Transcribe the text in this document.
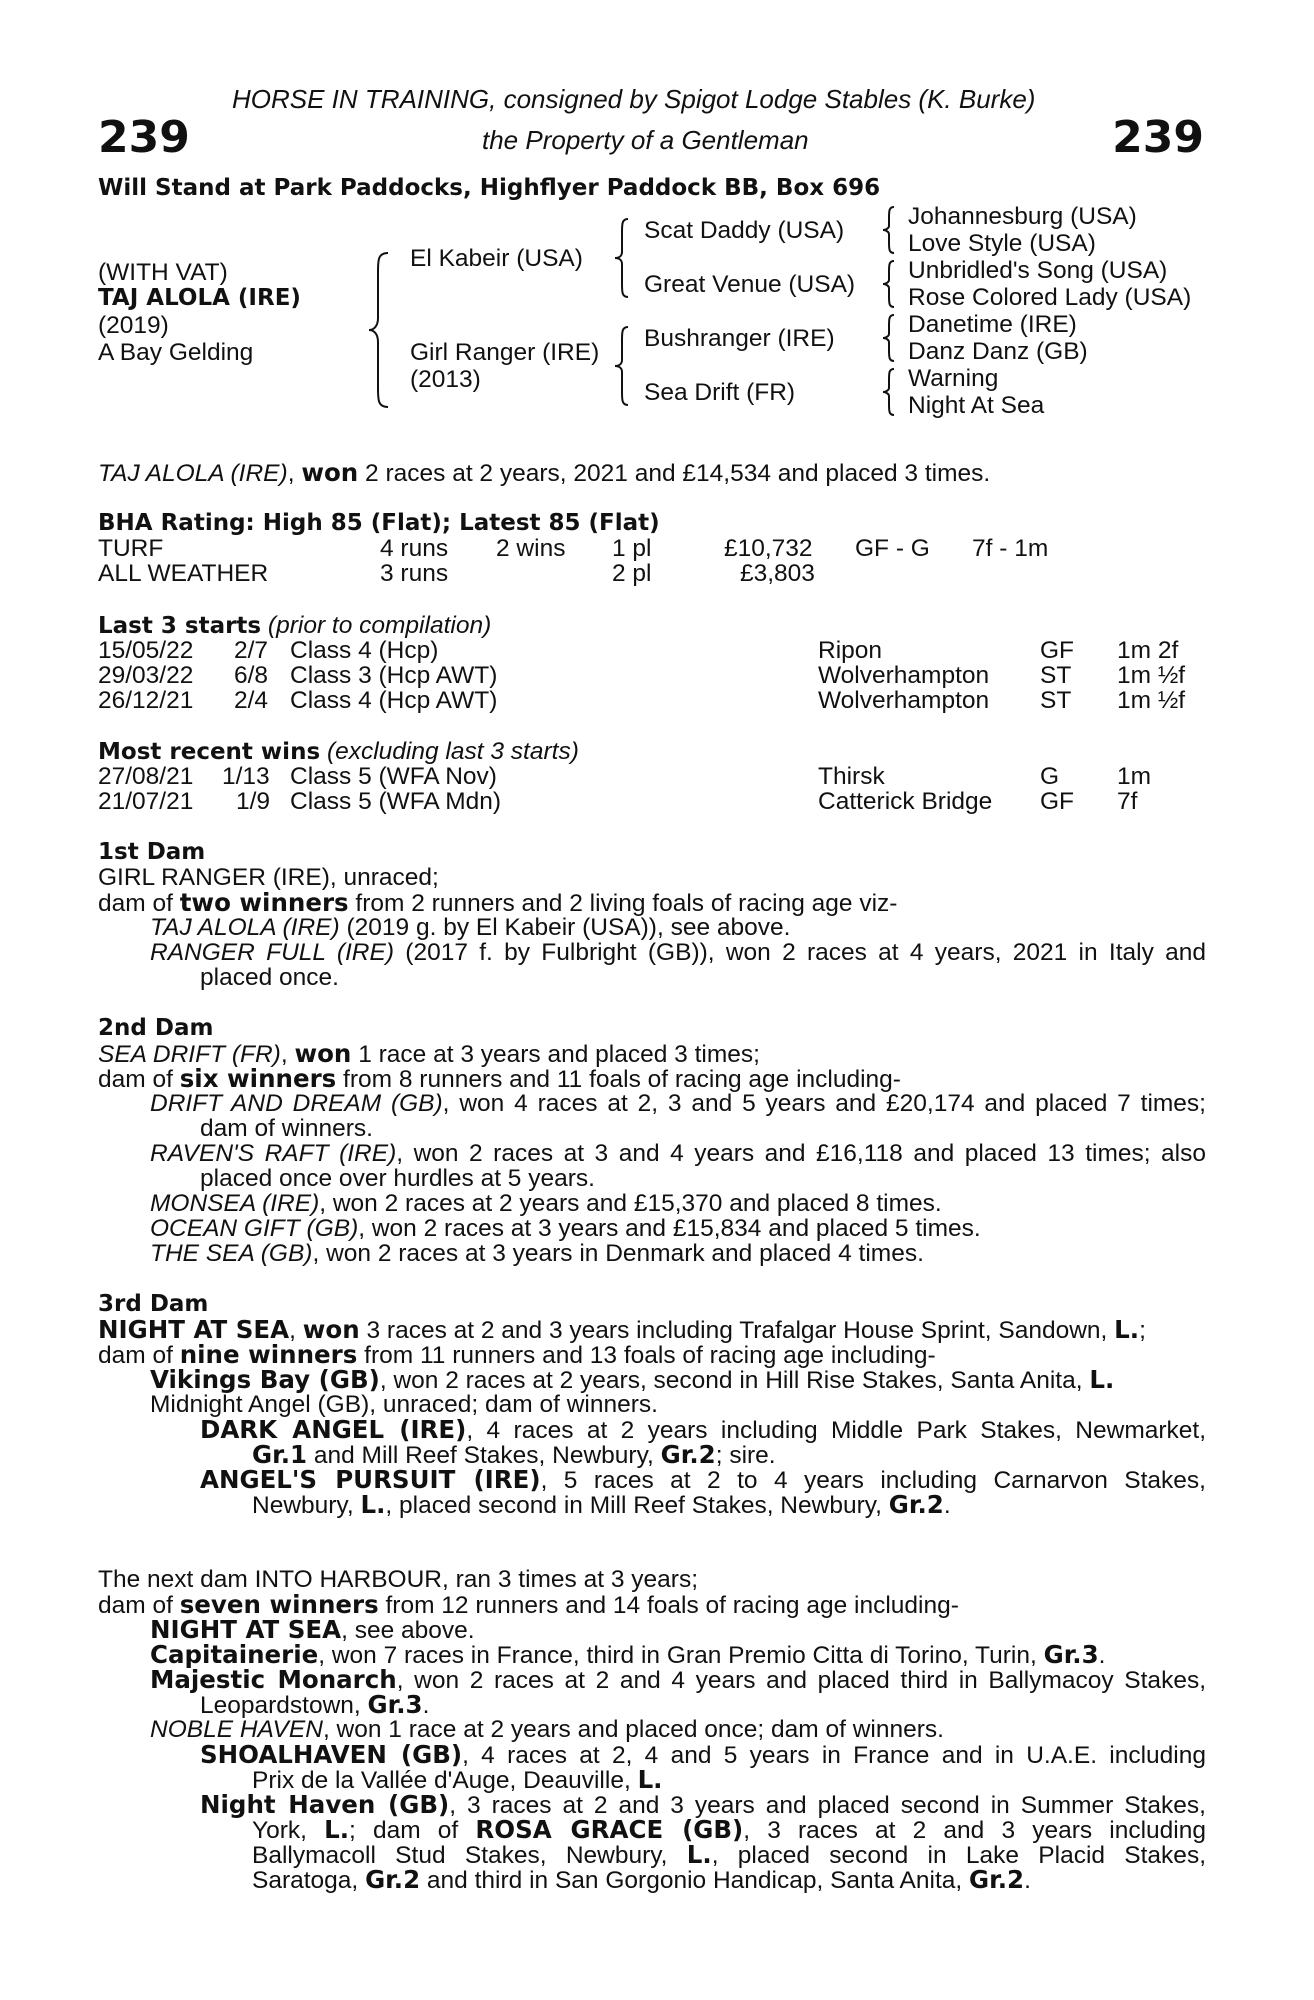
239	239
HORSE IN TRAINING, consigned by Spigot Lodge Stables (K. Burke)
the Property of a Gentleman
Will Stand at Park Paddocks, Highflyer Paddock BB, Box 696
(WITH VAT)
TAJ ALOLA (IRE)
(2019)
A Bay Gelding
El Kabeir (USA)
Girl Ranger (IRE)
(2013)
Scat Daddy (USA)
Great Venue (USA)
Bushranger (IRE)
Sea Drift (FR)
Johannesburg (USA)
Love Style (USA)
Unbridled's Song (USA)
Rose Colored Lady (USA)
Danetime (IRE)
Danz Danz (GB)
Warning
Night At Sea
TAJ ALOLA (IRE), won 2 races at 2 years, 2021 and £14,534 and placed 3 times.
BHA Rating: High 85 (Flat); Latest 85 (Flat)
TURF	4 runs 2 wins 1 pl	£10,732 GF - G 7f - 1m
ALL WEATHER	3 runs	2 pl	£3,803
Last 3 starts (prior to compilation)
15/05/22 2/7 Class 4 (Hcp)	Ripon	GF 1m 2f
29/03/22 6/8 Class 3 (Hcp AWT)	Wolverhampton ST 1m ½f
26/12/21 2/4 Class 4 (Hcp AWT)	Wolverhampton ST 1m ½f
Most recent wins (excluding last 3 starts)
27/08/21 1/13 Class 5 (WFA Nov)	Thirsk	G 1m
21/07/21 1/9 Class 5 (WFA Mdn)	Catterick Bridge GF 7f
1st Dam
GIRL RANGER (IRE), unraced;
dam of two winners from 2 runners and 2 living foals of racing age viz-
TAJ ALOLA (IRE) (2019 g. by El Kabeir (USA)), see above.
RANGER FULL (IRE) (2017 f. by Fulbright (GB)), won 2 races at 4 years, 2021 in Italy and
placed once.
2nd Dam
SEA DRIFT (FR), won 1 race at 3 years and placed 3 times;
dam of six winners from 8 runners and 11 foals of racing age including-
DRIFT AND DREAM (GB), won 4 races at 2, 3 and 5 years and £20,174 and placed 7 times;
dam of winners.
RAVEN'S RAFT (IRE), won 2 races at 3 and 4 years and £16,118 and placed 13 times; also
placed once over hurdles at 5 years.
MONSEA (IRE), won 2 races at 2 years and £15,370 and placed 8 times.
OCEAN GIFT (GB), won 2 races at 3 years and £15,834 and placed 5 times.
THE SEA (GB), won 2 races at 3 years in Denmark and placed 4 times.
3rd Dam
NIGHT AT SEA, won 3 races at 2 and 3 years including Trafalgar House Sprint, Sandown, L.;
dam of nine winners from 11 runners and 13 foals of racing age including-
Vikings Bay (GB), won 2 races at 2 years, second in Hill Rise Stakes, Santa Anita, L.
Midnight Angel (GB), unraced; dam of winners.
DARK ANGEL (IRE), 4 races at 2 years including Middle Park Stakes, Newmarket,
Gr.1 and Mill Reef Stakes, Newbury, Gr.2; sire.
ANGEL'S PURSUIT (IRE), 5 races at 2 to 4 years including Carnarvon Stakes,
Newbury, L., placed second in Mill Reef Stakes, Newbury, Gr.2.
The next dam INTO HARBOUR, ran 3 times at 3 years;
dam of seven winners from 12 runners and 14 foals of racing age including-
NIGHT AT SEA, see above.
Capitainerie, won 7 races in France, third in Gran Premio Citta di Torino, Turin, Gr.3.
Majestic Monarch, won 2 races at 2 and 4 years and placed third in Ballymacoy Stakes,
Leopardstown, Gr.3.
NOBLE HAVEN, won 1 race at 2 years and placed once; dam of winners.
SHOALHAVEN (GB), 4 races at 2, 4 and 5 years in France and in U.A.E. including
Prix de la Vallée d'Auge, Deauville, L.
Night Haven (GB), 3 races at 2 and 3 years and placed second in Summer Stakes,
York, L.; dam of ROSA GRACE (GB), 3 races at 2 and 3 years including
Ballymacoll Stud Stakes, Newbury, L., placed second in Lake Placid Stakes,
Saratoga, Gr.2 and third in San Gorgonio Handicap, Santa Anita, Gr.2.
